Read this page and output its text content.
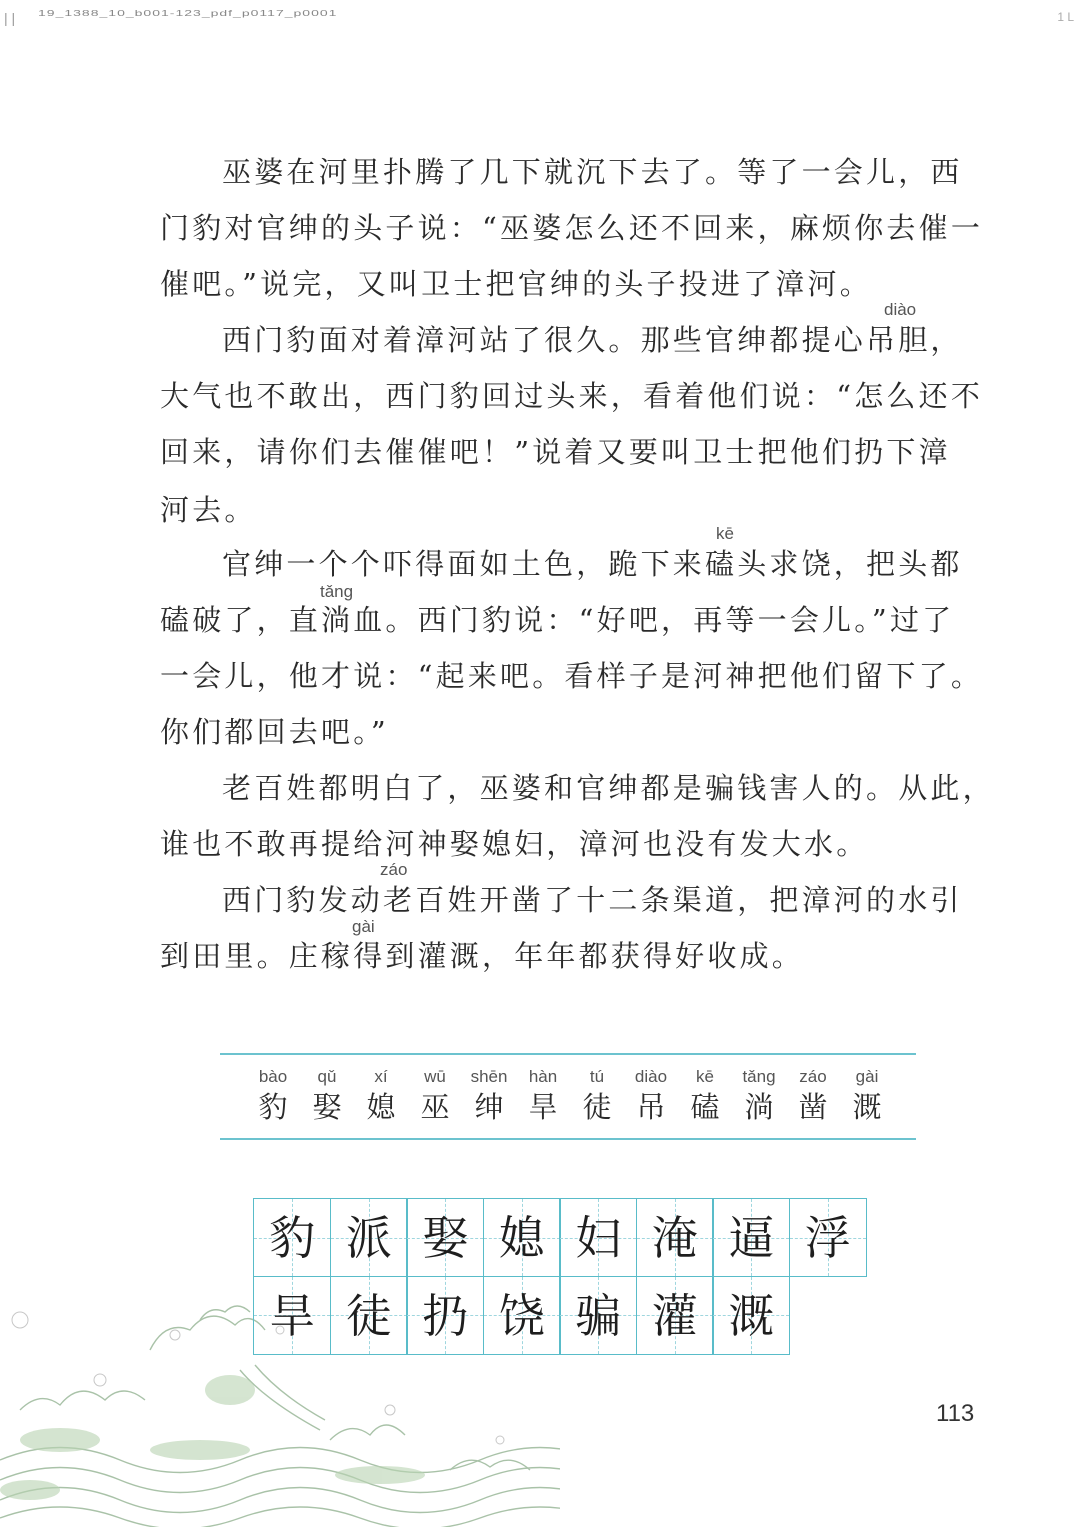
| | 19_1388_10_b001-123_pdf_p0117_p0001	1 L
巫婆在河里扑腾了几下就沉下去了。等了一会儿，西
门豹对官绅的头子说：“巫婆怎么还不回来，麻烦你去催一
催吧。”说完，又叫卫士把官绅的头子投进了漳河。
西门豹面对着漳河站了很久。那些官绅都提心吊胆，
大气也不敢出，西门豹回过头来，看着他们说：“怎么还不
回来，请你们去催催吧！”说着又要叫卫士把他们扔下漳
河去。
官绅一个个吓得面如土色，跪下来磕头求饶，把头都
磕破了，直淌血。西门豹说：“好吧，再等一会儿。”过了
一会儿，他才说：“起来吧。看样子是河神把他们留下了。
你们都回去吧。”
老百姓都明白了，巫婆和官绅都是骗钱害人的。从此，
谁也不敢再提给河神娶媳妇，漳河也没有发大水。
西门豹发动老百姓开凿了十二条渠道，把漳河的水引
到田里。庄稼得到灌溉，年年都获得好收成。
diào
kē
tǎng
záo
gài
bào
豹
qǔ
娶
xí
媳
wū
巫
shēn
绅
hàn
旱
tú
徒
diào
吊
kē
磕
tǎng
淌
záo
凿
gài
溉
豹 派 娶 媳 妇 淹 逼 浮
旱 徒 扔 饶 骗 灌 溉
113
